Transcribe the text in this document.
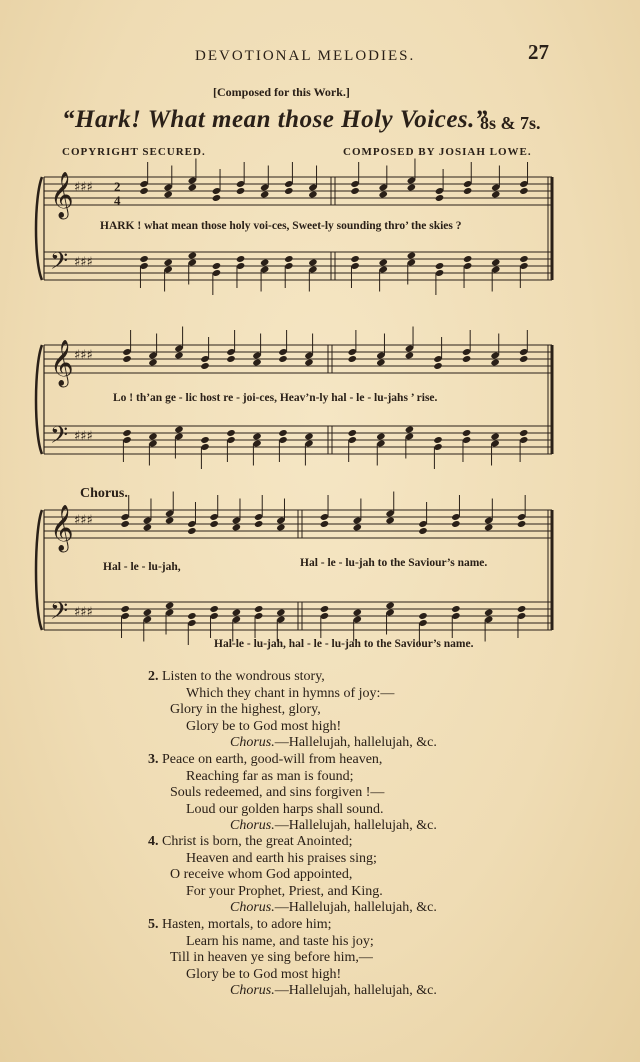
DEVOTIONAL MELODIES.	27
[Composed for this Work.]
“Hark! What mean those Holy Voices.”
8s & 7s.
COPYRIGHT SECURED.	COMPOSED BY JOSIAH LOWE.
𝄞
𝄢
♯♯♯
♯♯♯
2
4
𝄞
𝄢
♯♯♯
♯♯♯
𝄞
𝄢
♯♯♯
♯♯♯
HARK ! what mean those holy voi-ces, Sweet-ly sounding thro’ the skies ?
Lo ! th’an ge - lic host re - joi-ces, Heav’n-ly hal - le - lu-jahs ’ rise.
Chorus.
Hal - le - lu-jah,	Hal - le - lu-jah to the Saviour’s name.
Hal-le - lu-jah, hal - le - lu-jah to the Saviour’s name.
2. Listen to the wondrous story,
Which they chant in hymns of joy:—
Glory in the highest, glory,
Glory be to God most high!
Chorus.—Hallelujah, hallelujah, &c.
3. Peace on earth, good-will from heaven,
Reaching far as man is found;
Souls redeemed, and sins forgiven !—
Loud our golden harps shall sound.
Chorus.—Hallelujah, hallelujah, &c.
4. Christ is born, the great Anointed;
Heaven and earth his praises sing;
O receive whom God appointed,
For your Prophet, Priest, and King.
Chorus.—Hallelujah, hallelujah, &c.
5. Hasten, mortals, to adore him;
Learn his name, and taste his joy;
Till in heaven ye sing before him,—
Glory be to God most high!
Chorus.—Hallelujah, hallelujah, &c.
